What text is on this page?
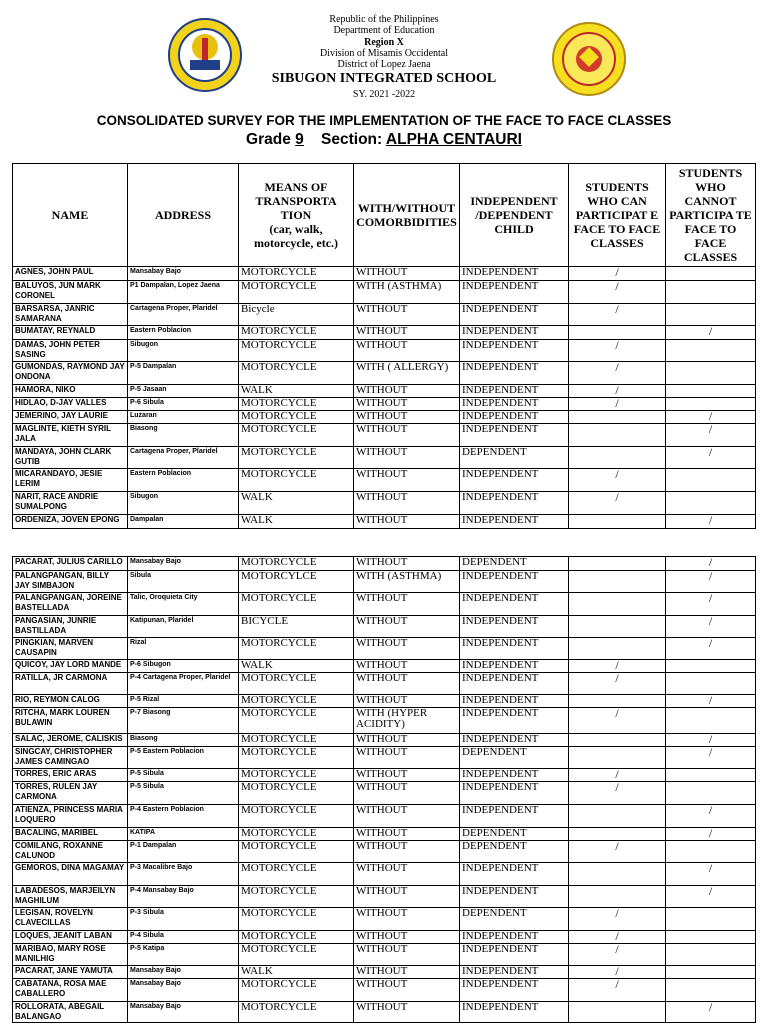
Republic of the Philippines
Department of Education
Region X
Division of Misamis Occidental
District of Lopez Jaena
SIBUGON INTEGRATED SCHOOL
SY. 2021 -2022
CONSOLIDATED SURVEY FOR THE IMPLEMENTATION OF THE FACE TO FACE CLASSES
Grade 9 Section: ALPHA CENTAURI
NAME	ADDRESS	MEANS OF TRANSPORTA TION
(car, walk, motorcycle, etc.)	WITH/WITHOUT COMORBIDITIES	INDEPENDENT /DEPENDENT CHILD	STUDENTS WHO CAN PARTICIPAT E FACE TO FACE CLASSES	STUDENTS WHO CANNOT PARTICIPA TE FACE TO FACE CLASSES
AGNES, JOHN PAUL	Mansabay Bajo	MOTORCYCLE	WITHOUT	INDEPENDENT	/	
BALUYOS, JUN MARK CORONEL	P1 Dampalan, Lopez Jaena	MOTORCYCLE	WITH (ASTHMA)	INDEPENDENT	/	
BARSARSA, JANRIC SAMARANA	Cartagena Proper, Plaridel	Bicycle	WITHOUT	INDEPENDENT	/	
BUMATAY, REYNALD	Eastern Poblacion	MOTORCYCLE	WITHOUT	INDEPENDENT		/
DAMAS, JOHN PETER SASING	Sibugon	MOTORCYCLE	WITHOUT	INDEPENDENT	/	
GUMONDAS, RAYMOND JAY ONDONA	P-5 Dampalan	MOTORCYCLE	WITH ( ALLERGY)	INDEPENDENT	/	
HAMORA, NIKO	P-5 Jasaan	WALK	WITHOUT	INDEPENDENT	/	
HIDLAO, D-JAY VALLES	P-6 Sibula	MOTORCYCLE	WITHOUT	INDEPENDENT	/	
JEMERINO, JAY LAURIE	Luzaran	MOTORCYCLE	WITHOUT	INDEPENDENT		/
MAGLINTE, KIETH SYRIL JALA	Biasong	MOTORCYCLE	WITHOUT	INDEPENDENT		/
MANDAYA, JOHN CLARK GUTIB	Cartagena Proper, Plaridel	MOTORCYCLE	WITHOUT	DEPENDENT		/
MICARANDAYO, JESIE LERIM	Eastern Poblacion	MOTORCYCLE	WITHOUT	INDEPENDENT	/	
NARIT, RACE ANDRIE SUMALPONG	Sibugon	WALK	WITHOUT	INDEPENDENT	/	
ORDENIZA, JOVEN EPONG	Dampalan	WALK	WITHOUT	INDEPENDENT		/
PACARAT, JULIUS CARILLO	Mansabay Bajo	MOTORCYCLE	WITHOUT	DEPENDENT		/
PALANGPANGAN, BILLY JAY SIMBAJON	Sibula	MOTORCYLCE	WITH (ASTHMA)	INDEPENDENT		/
PALANGPANGAN, JOREINE BASTELLADA	Talic, Oroquieta City	MOTORCYCLE	WITHOUT	INDEPENDENT		/
PANGASIAN, JUNRIE BASTILLADA	Katipunan, Plaridel	BICYCLE	WITHOUT	INDEPENDENT		/
PINGKIAN, MARVEN CAUSAPIN	Rizal	MOTORCYCLE	WITHOUT	INDEPENDENT		/
QUICOY, JAY LORD MANDE	P-6 Sibugon	WALK	WITHOUT	INDEPENDENT	/	
RATILLA, JR CARMONA	P-4 Cartagena Proper, Plaridel	MOTORCYCLE	WITHOUT	INDEPENDENT	/	
RIO, REYMON CALOG	P-5 Rizal	MOTORCYCLE	WITHOUT	INDEPENDENT		/
RITCHA, MARK LOUREN BULAWIN	P-7 Biasong	MOTORCYCLE	WITH (HYPER ACIDITY)	INDEPENDENT	/	
SALAC, JEROME, CALISKIS	Biasong	MOTORCYCLE	WITHOUT	INDEPENDENT		/
SINGCAY, CHRISTOPHER JAMES CAMINGAO	P-5 Eastern Poblacion	MOTORCYCLE	WITHOUT	DEPENDENT		/
TORRES, ERIC ARAS	P-5 Sibula	MOTORCYCLE	WITHOUT	INDEPENDENT	/	
TORRES, RULEN JAY CARMONA	P-5 Sibula	MOTORCYCLE	WITHOUT	INDEPENDENT	/	
ATIENZA, PRINCESS MARIA LOQUERO	P-4 Eastern Poblacion	MOTORCYCLE	WITHOUT	INDEPENDENT		/
BACALING, MARIBEL	KATIPA	MOTORCYCLE	WITHOUT	DEPENDENT		/
COMILANG, ROXANNE CALUNOD	P-1 Dampalan	MOTORCYCLE	WITHOUT	DEPENDENT	/	
GEMOROS, DINA MAGAMAY	P-3 Macalibre Bajo	MOTORCYCLE	WITHOUT	INDEPENDENT		/
LABADESOS, MARJEILYN MAGHILUM	P-4 Mansabay Bajo	MOTORCYCLE	WITHOUT	INDEPENDENT		/
LEGISAN, ROVELYN CLAVECILLAS	P-3 Sibula	MOTORCYCLE	WITHOUT	DEPENDENT	/	
LOQUES, JEANIT LABAN	P-4 Sibula	MOTORCYCLE	WITHOUT	INDEPENDENT	/	
MARIBAO, MARY ROSE MANILHIG	P-5 Katipa	MOTORCYCLE	WITHOUT	INDEPENDENT	/	
PACARAT, JANE YAMUTA	Mansabay Bajo	WALK	WITHOUT	INDEPENDENT	/	
CABATANA, ROSA MAE CABALLERO	Mansabay Bajo	MOTORCYCLE	WITHOUT	INDEPENDENT	/	
ROLLORATA, ABEGAIL BALANGAO	Mansabay Bajo	MOTORCYCLE	WITHOUT	INDEPENDENT		/
